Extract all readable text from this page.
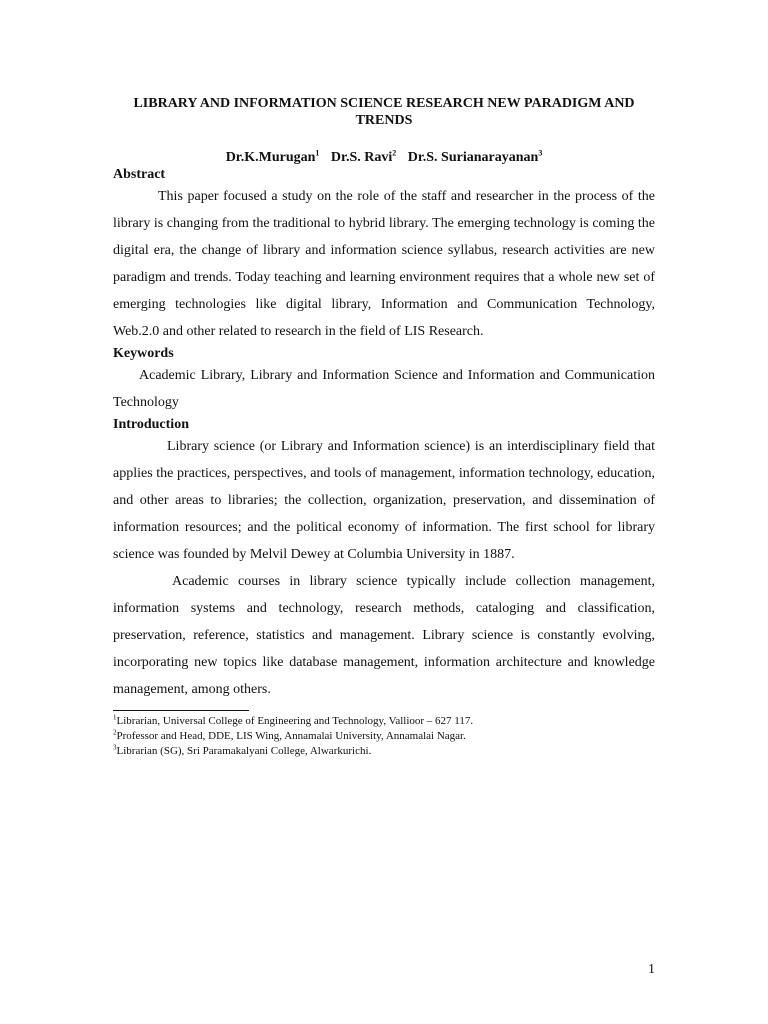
LIBRARY AND INFORMATION SCIENCE RESEARCH NEW PARADIGM AND TRENDS
Dr.K.Murugan$^1$ Dr.S. Ravi$^2$ Dr.S. Surianarayanan$^3$
Abstract

This paper focused a study on the role of the staff and researcher in the process of the library is changing from the traditional to hybrid library. The emerging technology is coming the digital era, the change of library and information science syllabus, research activities are new paradigm and trends. Today teaching and learning environment requires that a whole new set of emerging technologies like digital library, Information and Communication Technology, Web.2.0 and other related to research in the field of LIS Research.

Keywords

Academic Library, Library and Information Science and Information and Communication Technology

Introduction

Library science (or Library and Information science) is an interdisciplinary field that applies the practices, perspectives, and tools of management, information technology, education, and other areas to libraries; the collection, organization, preservation, and dissemination of information resources; and the political economy of information. The first school for library science was founded by Melvil Dewey at Columbia University in 1887.

Academic courses in library science typically include collection management, information systems and technology, research methods, cataloging and classification, preservation, reference, statistics and management. Library science is constantly evolving, incorporating new topics like database management, information architecture and knowledge management, among others.

$^1$Librarian, Universal College of Engineering and Technology, Vallioor – 627 117.

$^2$Professor and Head, DDE, LIS Wing, Annamalai University, Annamalai Nagar.

$^3$Librarian (SG), Sri Paramakalyani College, Alwarkurichi.

1
